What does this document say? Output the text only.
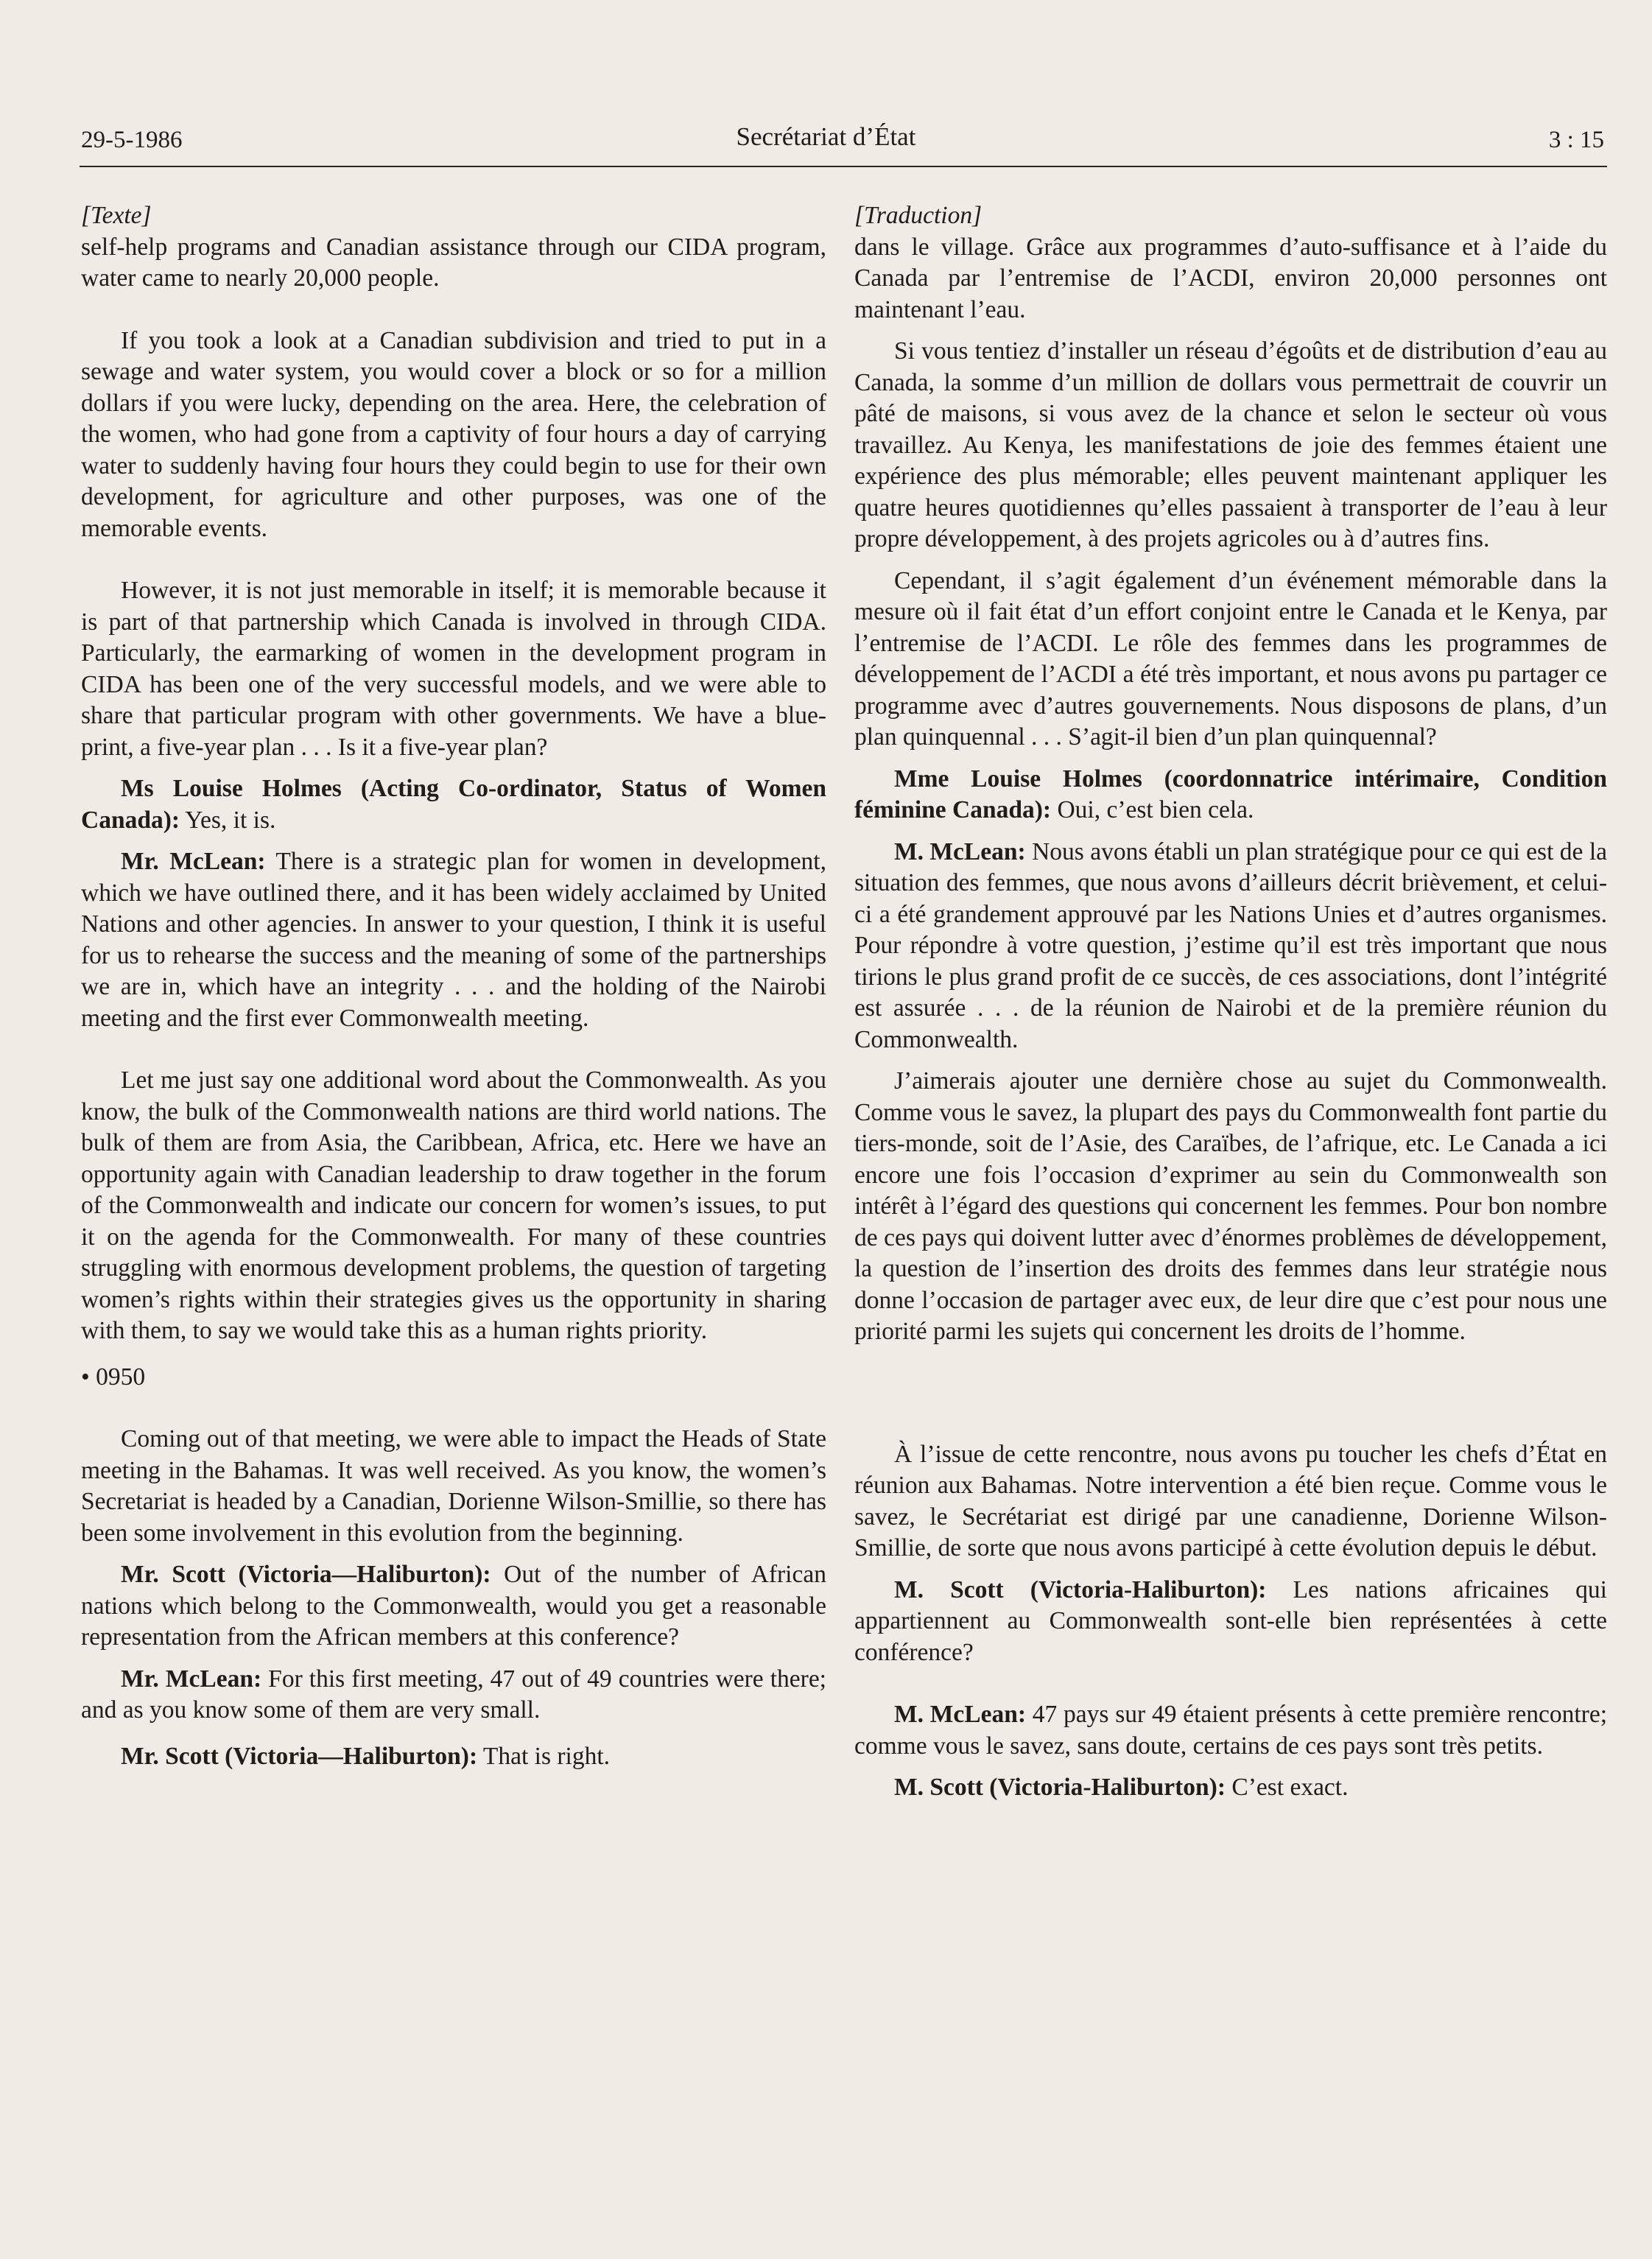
29-5-1986	Secrétariat d’État	3 : 15

[Texte]

self-help programs and Canadian assistance through our CIDA program, water came to nearly 20,000 people.

If you took a look at a Canadian subdivision and tried to put in a sewage and water system, you would cover a block or so for a million dollars if you were lucky, depending on the area. Here, the celebration of the women, who had gone from a captivity of four hours a day of carrying water to suddenly having four hours they could begin to use for their own development, for agriculture and other purposes, was one of the memorable events.

However, it is not just memorable in itself; it is memorable because it is part of that partnership which Canada is involved in through CIDA. Particularly, the earmarking of women in the development program in CIDA has been one of the very successful models, and we were able to share that particular program with other governments. We have a blue-print, a five-year plan . . . Is it a five-year plan?

Ms Louise Holmes (Acting Co-ordinator, Status of Women Canada): Yes, it is.

Mr. McLean: There is a strategic plan for women in development, which we have outlined there, and it has been widely acclaimed by United Nations and other agencies. In answer to your question, I think it is useful for us to rehearse the success and the meaning of some of the partnerships we are in, which have an integrity . . . and the holding of the Nairobi meeting and the first ever Commonwealth meeting.

Let me just say one additional word about the Commonwealth. As you know, the bulk of the Commonwealth nations are third world nations. The bulk of them are from Asia, the Caribbean, Africa, etc. Here we have an opportunity again with Canadian leadership to draw together in the forum of the Commonwealth and indicate our concern for women’s issues, to put it on the agenda for the Commonwealth. For many of these countries struggling with enormous development problems, the question of targeting women’s rights within their strategies gives us the opportunity in sharing with them, to say we would take this as a human rights priority.

• 0950

Coming out of that meeting, we were able to impact the Heads of State meeting in the Bahamas. It was well received. As you know, the women’s Secretariat is headed by a Canadian, Dorienne Wilson-Smillie, so there has been some involvement in this evolution from the beginning.

Mr. Scott (Victoria—Haliburton): Out of the number of African nations which belong to the Commonwealth, would you get a reasonable representation from the African members at this conference?

Mr. McLean: For this first meeting, 47 out of 49 countries were there; and as you know some of them are very small.

Mr. Scott (Victoria—Haliburton): That is right.

[Traduction]

dans le village. Grâce aux programmes d’auto-suffisance et à l’aide du Canada par l’entremise de l’ACDI, environ 20,000 personnes ont maintenant l’eau.

Si vous tentiez d’installer un réseau d’égoûts et de distribution d’eau au Canada, la somme d’un million de dollars vous permettrait de couvrir un pâté de maisons, si vous avez de la chance et selon le secteur où vous travaillez. Au Kenya, les manifestations de joie des femmes étaient une expérience des plus mémorable; elles peuvent maintenant appliquer les quatre heures quotidiennes qu’elles passaient à transporter de l’eau à leur propre développement, à des projets agricoles ou à d’autres fins.

Cependant, il s’agit également d’un événement mémorable dans la mesure où il fait état d’un effort conjoint entre le Canada et le Kenya, par l’entremise de l’ACDI. Le rôle des femmes dans les programmes de développement de l’ACDI a été très important, et nous avons pu partager ce programme avec d’autres gouvernements. Nous disposons de plans, d’un plan quinquennal . . . S’agit-il bien d’un plan quinquennal?

Mme Louise Holmes (coordonnatrice intérimaire, Condition féminine Canada): Oui, c’est bien cela.

M. McLean: Nous avons établi un plan stratégique pour ce qui est de la situation des femmes, que nous avons d’ailleurs décrit brièvement, et celui-ci a été grandement approuvé par les Nations Unies et d’autres organismes. Pour répondre à votre question, j’estime qu’il est très important que nous tirions le plus grand profit de ce succès, de ces associations, dont l’intégrité est assurée . . . de la réunion de Nairobi et de la première réunion du Commonwealth.

J’aimerais ajouter une dernière chose au sujet du Commonwealth. Comme vous le savez, la plupart des pays du Commonwealth font partie du tiers-monde, soit de l’Asie, des Caraïbes, de l’afrique, etc. Le Canada a ici encore une fois l’occasion d’exprimer au sein du Commonwealth son intérêt à l’égard des questions qui concernent les femmes. Pour bon nombre de ces pays qui doivent lutter avec d’énormes problèmes de développement, la question de l’insertion des droits des femmes dans leur stratégie nous donne l’occasion de partager avec eux, de leur dire que c’est pour nous une priorité parmi les sujets qui concernent les droits de l’homme.

À l’issue de cette rencontre, nous avons pu toucher les chefs d’État en réunion aux Bahamas. Notre intervention a été bien reçue. Comme vous le savez, le Secrétariat est dirigé par une canadienne, Dorienne Wilson-Smillie, de sorte que nous avons participé à cette évolution depuis le début.

M. Scott (Victoria-Haliburton): Les nations africaines qui appartiennent au Commonwealth sont-elle bien représentées à cette conférence?

M. McLean: 47 pays sur 49 étaient présents à cette première rencontre; comme vous le savez, sans doute, certains de ces pays sont très petits.

M. Scott (Victoria-Haliburton): C’est exact.
